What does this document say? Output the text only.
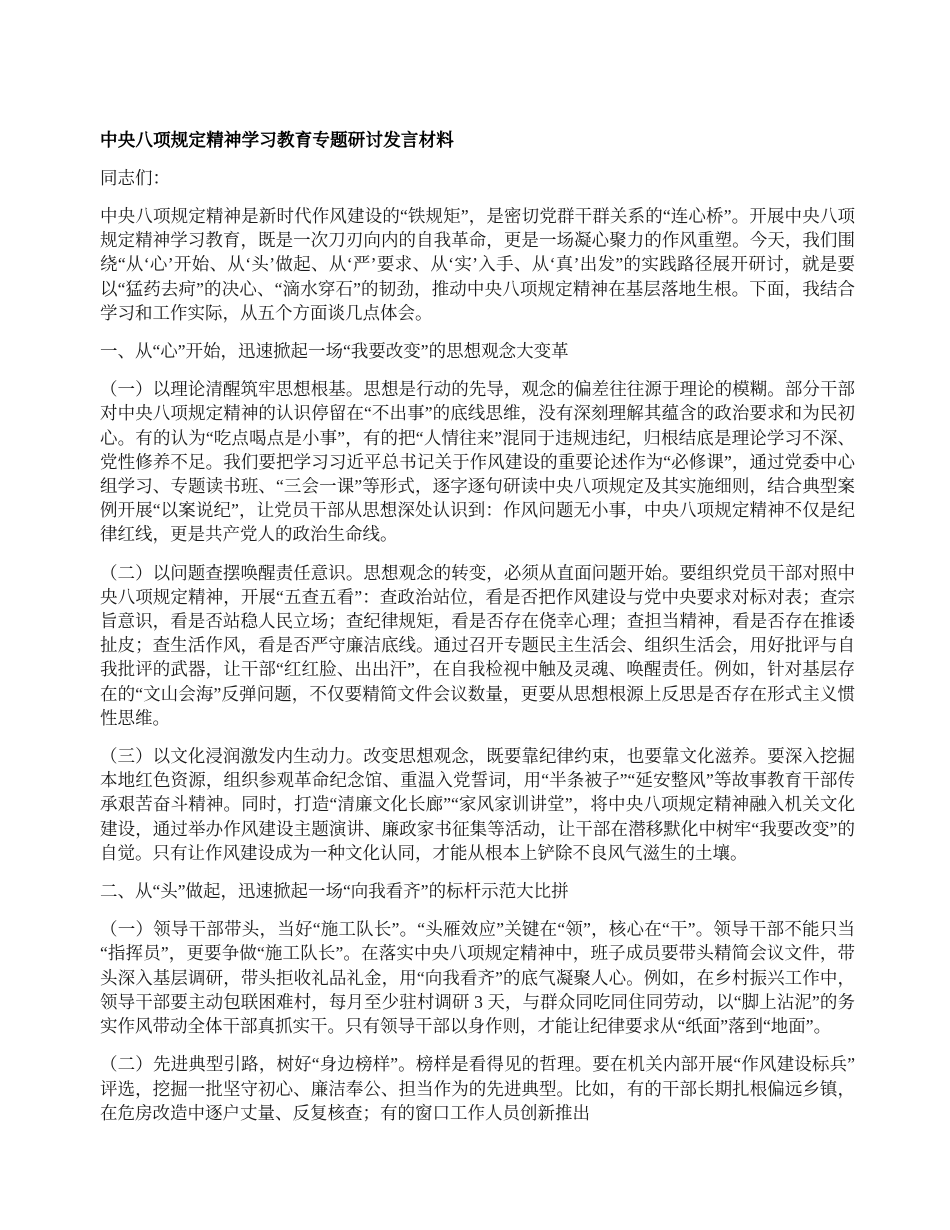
中央八项规定精神学习教育专题研讨发言材料

同志们：

中央八项规定精神是新时代作风建设的“铁规矩”，是密切党群干群关系的“连心桥”。开展中央八项规定精神学习教育，既是一次刀刃向内的自我革命，更是一场凝心聚力的作风重塑。今天，我们围绕“从‘心’开始、从‘头’做起、从‘严’要求、从‘实’入手、从‘真’出发”的实践路径展开研讨，就是要以“猛药去疴”的决心、“滴水穿石”的韧劲，推动中央八项规定精神在基层落地生根。下面，我结合学习和工作实际，从五个方面谈几点体会。

一、从“心”开始，迅速掀起一场“我要改变”的思想观念大变革

（一）以理论清醒筑牢思想根基。思想是行动的先导，观念的偏差往往源于理论的模糊。部分干部对中央八项规定精神的认识停留在“不出事”的底线思维，没有深刻理解其蕴含的政治要求和为民初心。有的认为“吃点喝点是小事”，有的把“人情往来”混同于违规违纪，归根结底是理论学习不深、党性修养不足。我们要把学习习近平总书记关于作风建设的重要论述作为“必修课”，通过党委中心组学习、专题读书班、“三会一课”等形式，逐字逐句研读中央八项规定及其实施细则，结合典型案例开展“以案说纪”，让党员干部从思想深处认识到：作风问题无小事，中央八项规定精神不仅是纪律红线，更是共产党人的政治生命线。

（二）以问题查摆唤醒责任意识。思想观念的转变，必须从直面问题开始。要组织党员干部对照中央八项规定精神，开展“五查五看”：查政治站位，看是否把作风建设与党中央要求对标对表；查宗旨意识，看是否站稳人民立场；查纪律规矩，看是否存在侥幸心理；查担当精神，看是否存在推诿扯皮；查生活作风，看是否严守廉洁底线。通过召开专题民主生活会、组织生活会，用好批评与自我批评的武器，让干部“红红脸、出出汗”，在自我检视中触及灵魂、唤醒责任。例如，针对基层存在的“文山会海”反弹问题，不仅要精简文件会议数量，更要从思想根源上反思是否存在形式主义惯性思维。

（三）以文化浸润激发内生动力。改变思想观念，既要靠纪律约束，也要靠文化滋养。要深入挖掘本地红色资源，组织参观革命纪念馆、重温入党誓词，用“半条被子”“延安整风”等故事教育干部传承艰苦奋斗精神。同时，打造“清廉文化长廊”“家风家训讲堂”，将中央八项规定精神融入机关文化建设，通过举办作风建设主题演讲、廉政家书征集等活动，让干部在潜移默化中树牢“我要改变”的自觉。只有让作风建设成为一种文化认同，才能从根本上铲除不良风气滋生的土壤。

二、从“头”做起，迅速掀起一场“向我看齐”的标杆示范大比拼

（一）领导干部带头，当好“施工队长”。“头雁效应”关键在“领”，核心在“干”。领导干部不能只当“指挥员”，更要争做“施工队长”。在落实中央八项规定精神中，班子成员要带头精简会议文件，带头深入基层调研，带头拒收礼品礼金，用“向我看齐”的底气凝聚人心。例如，在乡村振兴工作中，领导干部要主动包联困难村，每月至少驻村调研 3 天，与群众同吃同住同劳动，以“脚上沾泥”的务实作风带动全体干部真抓实干。只有领导干部以身作则，才能让纪律要求从“纸面”落到“地面”。

（二）先进典型引路，树好“身边榜样”。榜样是看得见的哲理。要在机关内部开展“作风建设标兵”评选，挖掘一批坚守初心、廉洁奉公、担当作为的先进典型。比如，有的干部长期扎根偏远乡镇，在危房改造中逐户丈量、反复核查；有的窗口工作人员创新推出
